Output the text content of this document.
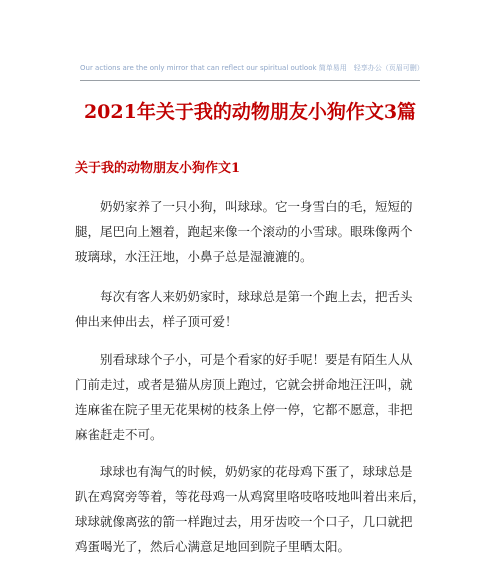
Our actions are the only mirror that can reflect our spiritual outlook 简单易用　轻享办公（页眉可删）
2021年关于我的动物朋友小狗作文3篇
关于我的动物朋友小狗作文1
奶奶家养了一只小狗，叫球球。它一身雪白的毛，短短的
腿，尾巴向上翘着，跑起来像一个滚动的小雪球。眼珠像两个
玻璃球，水汪汪地，小鼻子总是湿漉漉的。
每次有客人来奶奶家时，球球总是第一个跑上去，把舌头
伸出来伸出去，样子顶可爱！
别看球球个子小，可是个看家的好手呢！要是有陌生人从
门前走过，或者是猫从房顶上跑过，它就会拼命地汪汪叫，就
连麻雀在院子里无花果树的枝条上停一停，它都不愿意，非把
麻雀赶走不可。
球球也有淘气的时候，奶奶家的花母鸡下蛋了，球球总是
趴在鸡窝旁等着，等花母鸡一从鸡窝里咯吱咯吱地叫着出来后，
球球就像离弦的箭一样跑过去，用牙齿咬一个口子，几口就把
鸡蛋喝光了，然后心满意足地回到院子里晒太阳。
